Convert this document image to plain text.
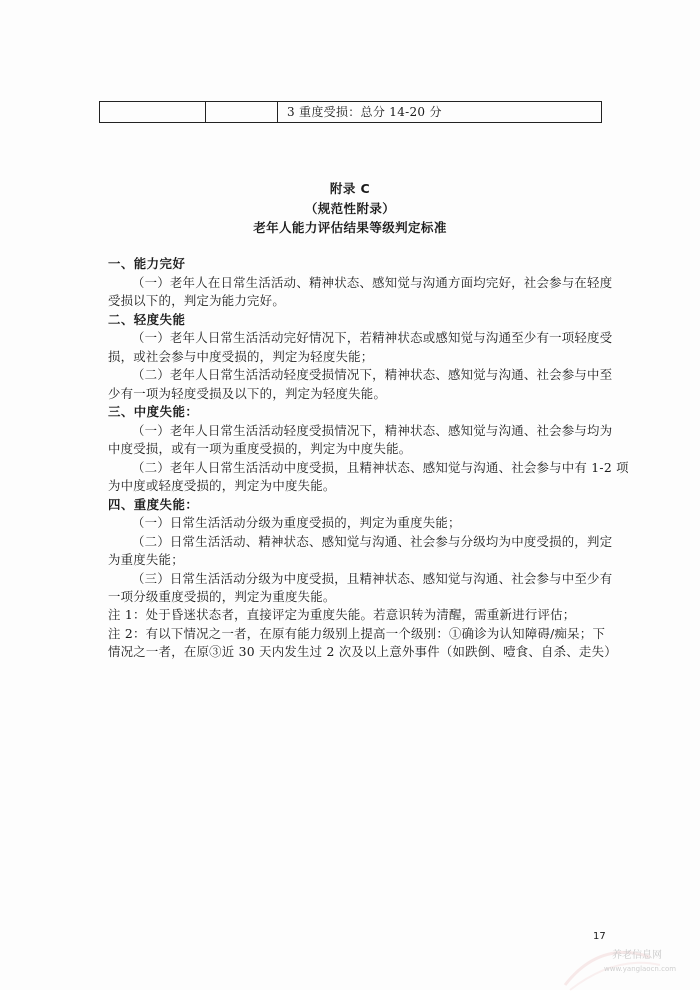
3 重度受损：总分 14-20 分
附录 C
（规范性附录）
老年人能力评估结果等级判定标准
一、能力完好
（一）老年人在日常生活活动、精神状态、感知觉与沟通方面均完好，社会参与在轻度
受损以下的，判定为能力完好。
二、轻度失能
（一）老年人日常生活活动完好情况下，若精神状态或感知觉与沟通至少有一项轻度受
损，或社会参与中度受损的，判定为轻度失能；
（二）老年人日常生活活动轻度受损情况下，精神状态、感知觉与沟通、社会参与中至
少有一项为轻度受损及以下的，判定为轻度失能。
三、中度失能：
（一）老年人日常生活活动轻度受损情况下，精神状态、感知觉与沟通、社会参与均为
中度受损，或有一项为重度受损的，判定为中度失能。
（二）老年人日常生活活动中度受损，且精神状态、感知觉与沟通、社会参与中有 1-2 项
为中度或轻度受损的，判定为中度失能。
四、重度失能：
（一）日常生活活动分级为重度受损的，判定为重度失能；
（二）日常生活活动、精神状态、感知觉与沟通、社会参与分级均为中度受损的，判定
为重度失能；
（三）日常生活活动分级为中度受损，且精神状态、感知觉与沟通、社会参与中至少有
一项分级重度受损的，判定为重度失能。
注 1：处于昏迷状态者，直接评定为重度失能。若意识转为清醒，需重新进行评估；
注 2：有以下情况之一者，在原有能力级别上提高一个级别：①确诊为认知障碍/痴呆；下
情况之一者，在原③近 30 天内发生过 2 次及以上意外事件（如跌倒、噎食、自杀、走失）
17
养老信息网
www.yanglaocn.com
